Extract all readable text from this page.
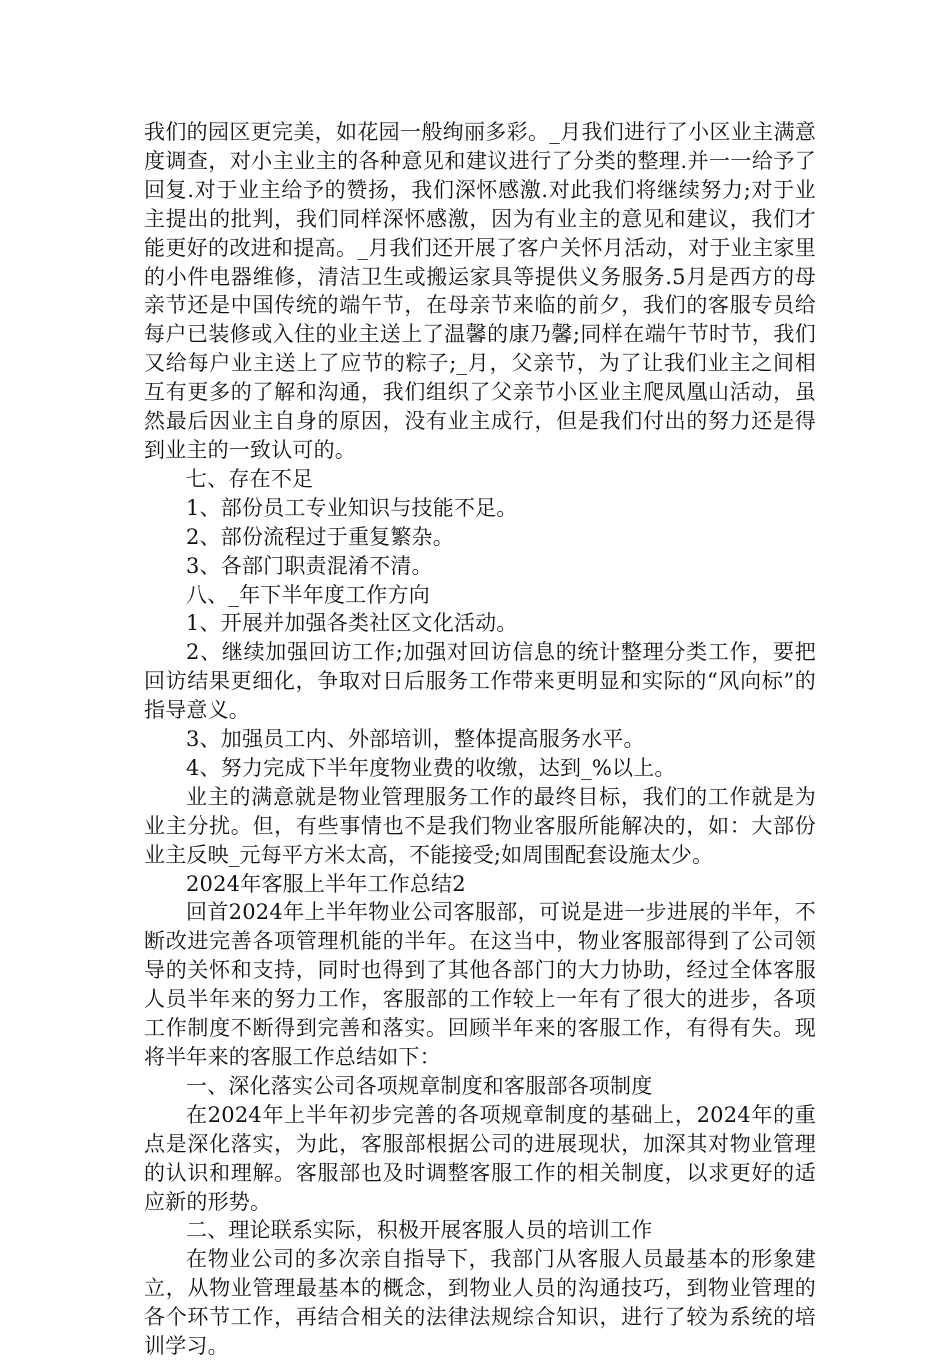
我们的园区更完美，如花园一般绚丽多彩。_月我们进行了小区业主满意度调查，对小主业主的各种意见和建议进行了分类的整理.并一一给予了回复.对于业主给予的赞扬，我们深怀感激.对此我们将继续努力;对于业主提出的批判，我们同样深怀感激，因为有业主的意见和建议，我们才能更好的改进和提高。_月我们还开展了客户关怀月活动，对于业主家里的小件电器维修，清洁卫生或搬运家具等提供义务服务.5月是西方的母亲节还是中国传统的端午节，在母亲节来临的前夕，我们的客服专员给每户已装修或入住的业主送上了温馨的康乃馨;同样在端午节时节，我们又给每户业主送上了应节的粽子;_月，父亲节，为了让我们业主之间相互有更多的了解和沟通，我们组织了父亲节小区业主爬凤凰山活动，虽然最后因业主自身的原因，没有业主成行，但是我们付出的努力还是得到业主的一致认可的。

七、存在不足

1、部份员工专业知识与技能不足。

2、部份流程过于重复繁杂。

3、各部门职责混淆不清。

八、_年下半年度工作方向

1、开展并加强各类社区文化活动。

2、继续加强回访工作;加强对回访信息的统计整理分类工作，要把回访结果更细化，争取对日后服务工作带来更明显和实际的“风向标”的指导意义。

3、加强员工内、外部培训，整体提高服务水平。

4、努力完成下半年度物业费的收缴，达到_%以上。

业主的满意就是物业管理服务工作的最终目标，我们的工作就是为业主分扰。但，有些事情也不是我们物业客服所能解决的，如：大部份业主反映_元每平方米太高，不能接受;如周围配套设施太少。

2024年客服上半年工作总结2

回首2024年上半年物业公司客服部，可说是进一步进展的半年，不断改进完善各项管理机能的半年。在这当中，物业客服部得到了公司领导的关怀和支持，同时也得到了其他各部门的大力协助，经过全体客服人员半年来的努力工作，客服部的工作较上一年有了很大的进步，各项工作制度不断得到完善和落实。回顾半年来的客服工作，有得有失。现将半年来的客服工作总结如下：

一、深化落实公司各项规章制度和客服部各项制度

在2024年上半年初步完善的各项规章制度的基础上，2024年的重点是深化落实，为此，客服部根据公司的进展现状，加深其对物业管理的认识和理解。客服部也及时调整客服工作的相关制度，以求更好的适应新的形势。

二、理论联系实际，积极开展客服人员的培训工作

在物业公司的多次亲自指导下，我部门从客服人员最基本的形象建立，从物业管理最基本的概念，到物业人员的沟通技巧，到物业管理的各个环节工作，再结合相关的法律法规综合知识，进行了较为系统的培训学习。
